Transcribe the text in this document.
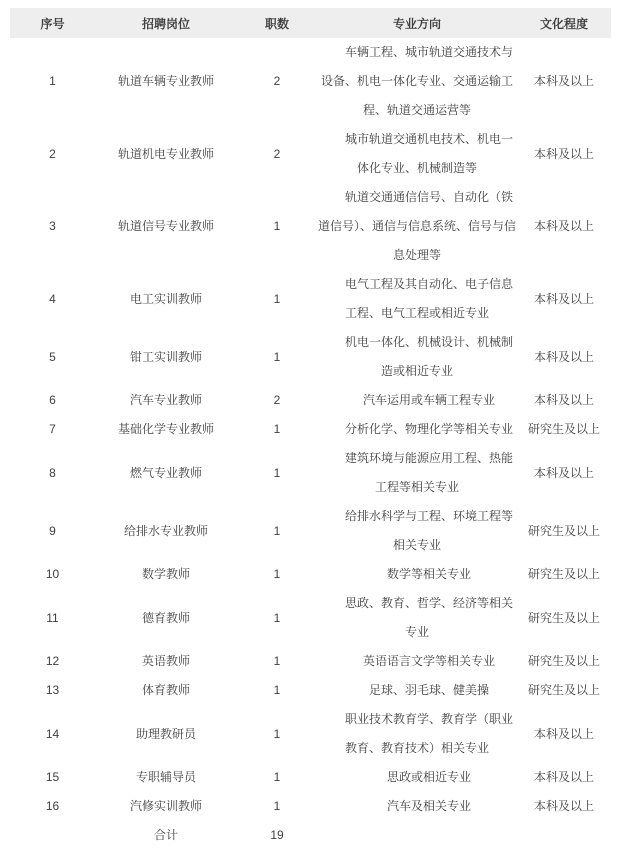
序号	招聘岗位	职数	专业方向	文化程度
1	轨道车辆专业教师	2	车辆工程、城市轨道交通技术与设备、机电一体化专业、交通运输工程、轨道交通运营等	本科及以上
2	轨道机电专业教师	2	城市轨道交通机电技术、机电一体化专业、机械制造等	本科及以上
3	轨道信号专业教师	1	轨道交通通信信号、自动化（铁道信号）、通信与信息系统、信号与信息处理等	本科及以上
4	电工实训教师	1	电气工程及其自动化、电子信息工程、电气工程或相近专业	本科及以上
5	钳工实训教师	1	机电一体化、机械设计、机械制造或相近专业	本科及以上
6	汽车专业教师	2	汽车运用或车辆工程专业	本科及以上
7	基础化学专业教师	1	分析化学、物理化学等相关专业	研究生及以上
8	燃气专业教师	1	建筑环境与能源应用工程、热能工程等相关专业	本科及以上
9	给排水专业教师	1	给排水科学与工程、环境工程等相关专业	研究生及以上
10	数学教师	1	数学等相关专业	研究生及以上
11	德育教师	1	思政、教育、哲学、经济等相关专业	研究生及以上
12	英语教师	1	英语语言文学等相关专业	研究生及以上
13	体育教师	1	足球、羽毛球、健美操	研究生及以上
14	助理教研员	1	职业技术教育学、教育学（职业教育、教育技术）相关专业	本科及以上
15	专职辅导员	1	思政或相近专业	本科及以上
16	汽修实训教师	1	汽车及相关专业	本科及以上
	合计	19	
